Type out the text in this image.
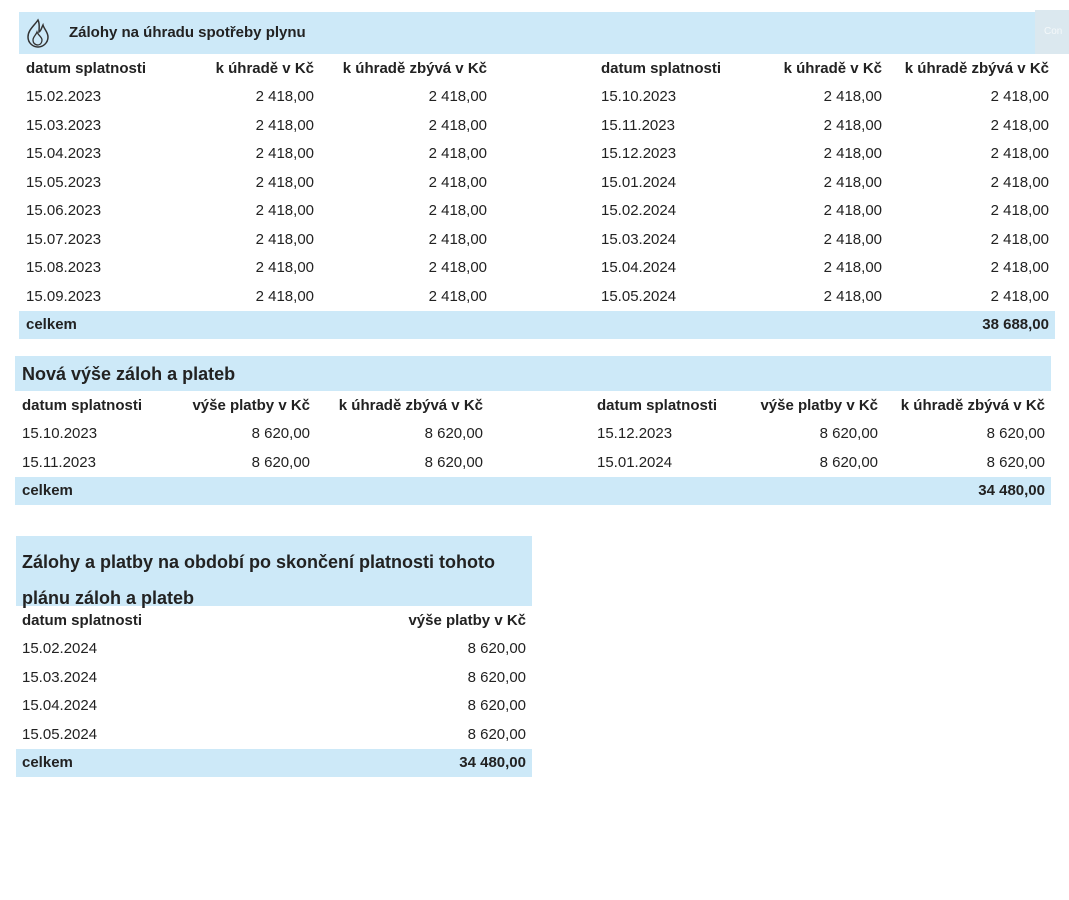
Zálohy na úhradu spotřeby plynu	Con
datum splatnosti	k úhradě v Kč	k úhradě zbývá v Kč		datum splatnosti	k úhradě v Kč	k úhradě zbývá v Kč
15.02.2023	2 418,00	2 418,00		15.10.2023	2 418,00	2 418,00
15.03.2023	2 418,00	2 418,00		15.11.2023	2 418,00	2 418,00
15.04.2023	2 418,00	2 418,00		15.12.2023	2 418,00	2 418,00
15.05.2023	2 418,00	2 418,00		15.01.2024	2 418,00	2 418,00
15.06.2023	2 418,00	2 418,00		15.02.2024	2 418,00	2 418,00
15.07.2023	2 418,00	2 418,00		15.03.2024	2 418,00	2 418,00
15.08.2023	2 418,00	2 418,00		15.04.2024	2 418,00	2 418,00
15.09.2023	2 418,00	2 418,00		15.05.2024	2 418,00	2 418,00
celkem						38 688,00
Nová výše záloh a plateb
datum splatnosti	výše platby v Kč	k úhradě zbývá v Kč		datum splatnosti	výše platby v Kč	k úhradě zbývá v Kč
15.10.2023	8 620,00	8 620,00		15.12.2023	8 620,00	8 620,00
15.11.2023	8 620,00	8 620,00		15.01.2024	8 620,00	8 620,00
celkem						34 480,00
Zálohy a platby na období po skončení platnosti tohoto plánu záloh a plateb
datum splatnosti	výše platby v Kč
15.02.2024	8 620,00
15.03.2024	8 620,00
15.04.2024	8 620,00
15.05.2024	8 620,00
celkem	34 480,00
